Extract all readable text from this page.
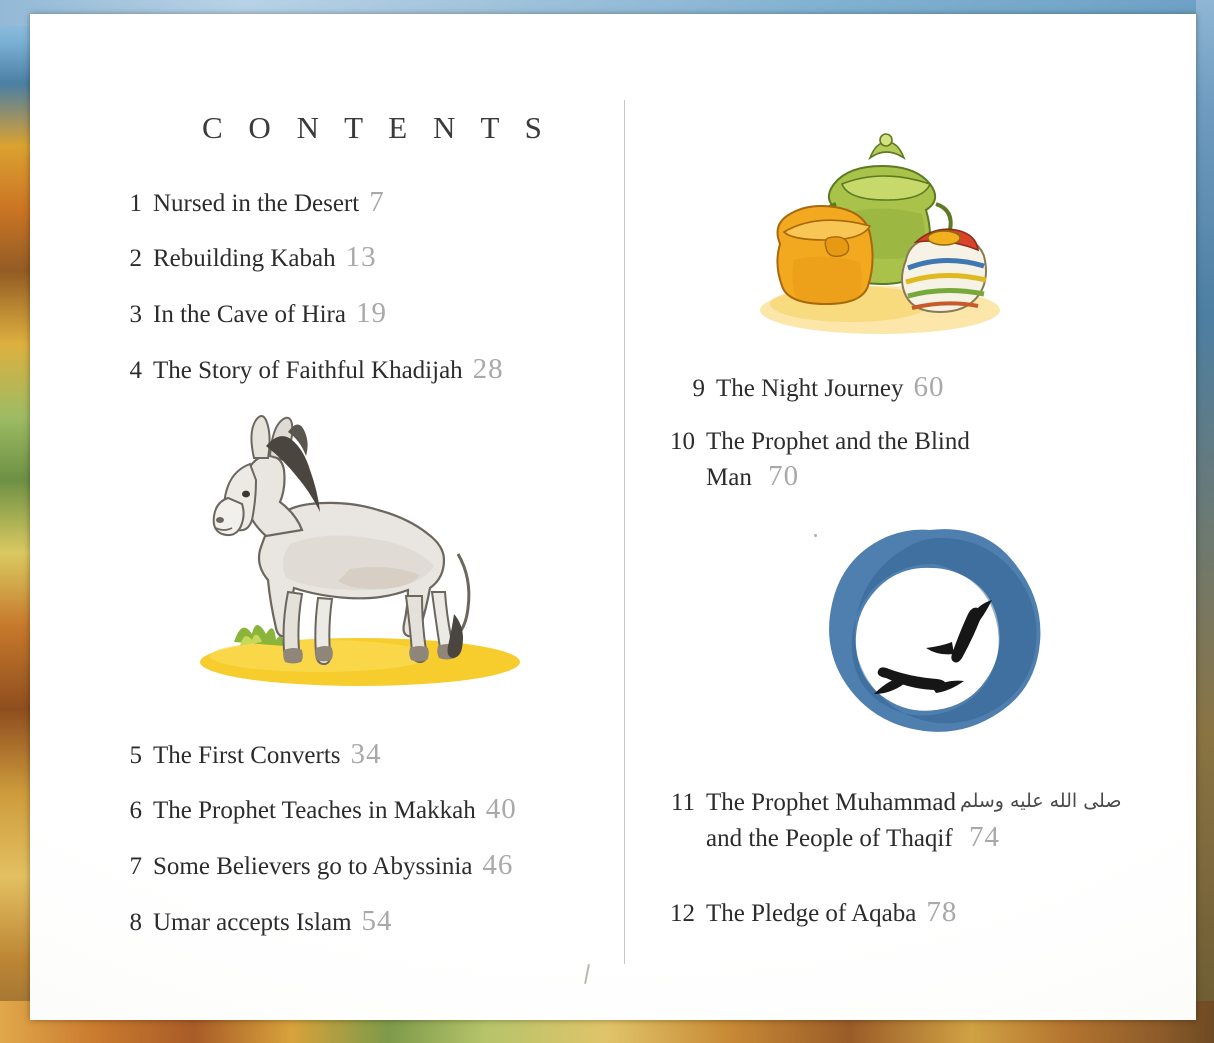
C O N T E N T S
1 Nursed in the Desert 7
2 Rebuilding Kabah 13
3 In the Cave of Hira 19
4 The Story of Faithful Khadijah 28
5 The First Converts 34
6 The Prophet Teaches in Makkah 40
7 Some Believers go to Abyssinia 46
8 Umar accepts Islam 54
9 The Night Journey 60
10 The Prophet and the Blind
Man 70
11 The Prophet Muhammad صلى الله عليه وسلم
and the People of Thaqif 74
12 The Pledge of Aqaba 78
